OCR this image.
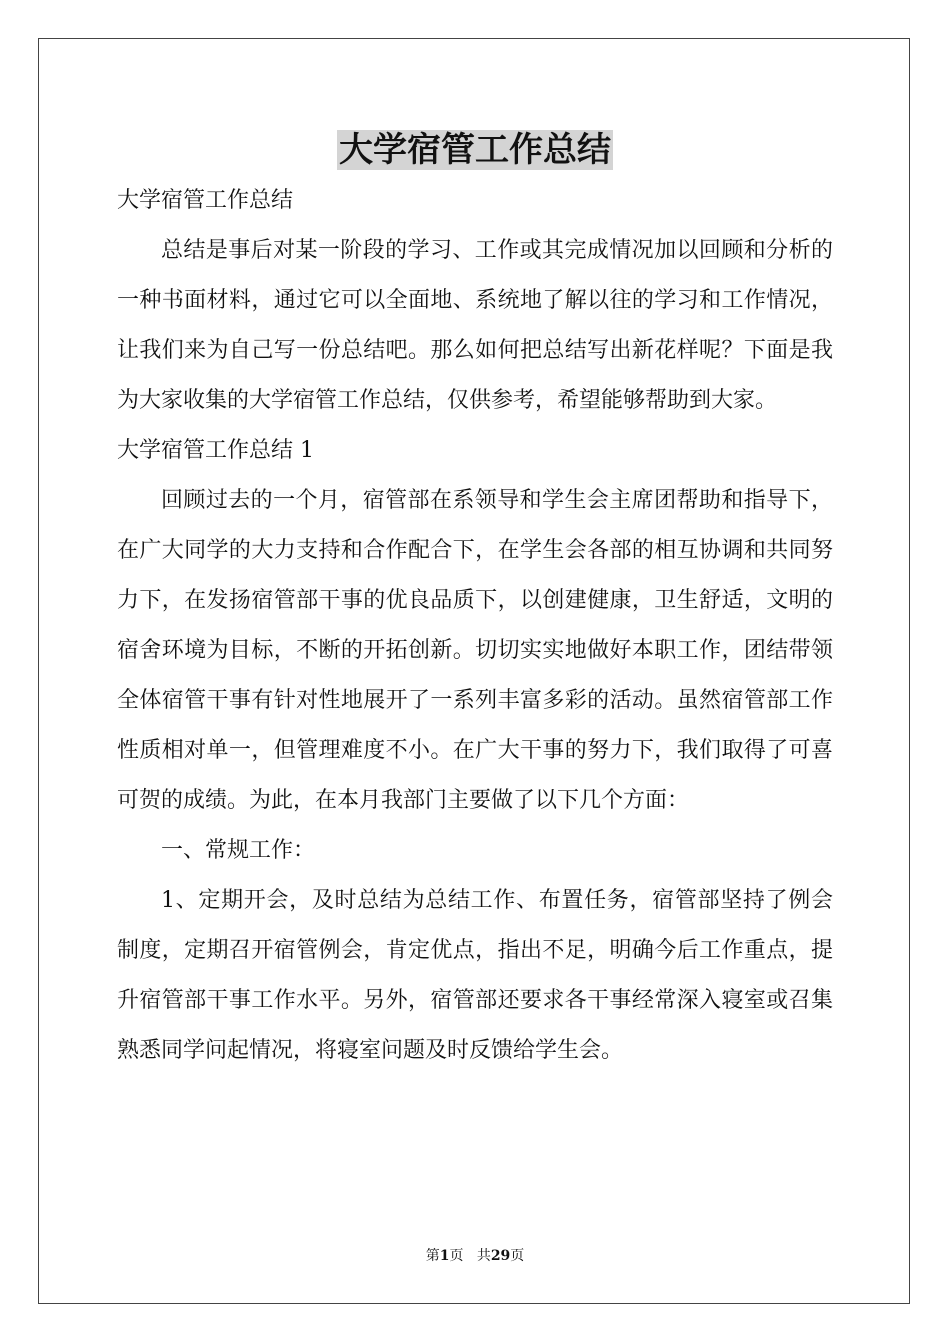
大学宿管工作总结

大学宿管工作总结

总结是事后对某一阶段的学习、工作或其完成情况加以回顾和分析的一种书面材料，通过它可以全面地、系统地了解以往的学习和工作情况，让我们来为自己写一份总结吧。那么如何把总结写出新花样呢？下面是我为大家收集的大学宿管工作总结，仅供参考，希望能够帮助到大家。

大学宿管工作总结 1

回顾过去的一个月，宿管部在系领导和学生会主席团帮助和指导下，在广大同学的大力支持和合作配合下，在学生会各部的相互协调和共同努力下，在发扬宿管部干事的优良品质下，以创建健康，卫生舒适，文明的宿舍环境为目标，不断的开拓创新。切切实实地做好本职工作，团结带领全体宿管干事有针对性地展开了一系列丰富多彩的活动。虽然宿管部工作性质相对单一，但管理难度不小。在广大干事的努力下，我们取得了可喜可贺的成绩。为此，在本月我部门主要做了以下几个方面：

一、常规工作：

1、定期开会，及时总结为总结工作、布置任务，宿管部坚持了例会制度，定期召开宿管例会，肯定优点，指出不足，明确今后工作重点，提升宿管部干事工作水平。另外，宿管部还要求各干事经常深入寝室或召集熟悉同学问起情况，将寝室问题及时反馈给学生会。

第1页 共29页
